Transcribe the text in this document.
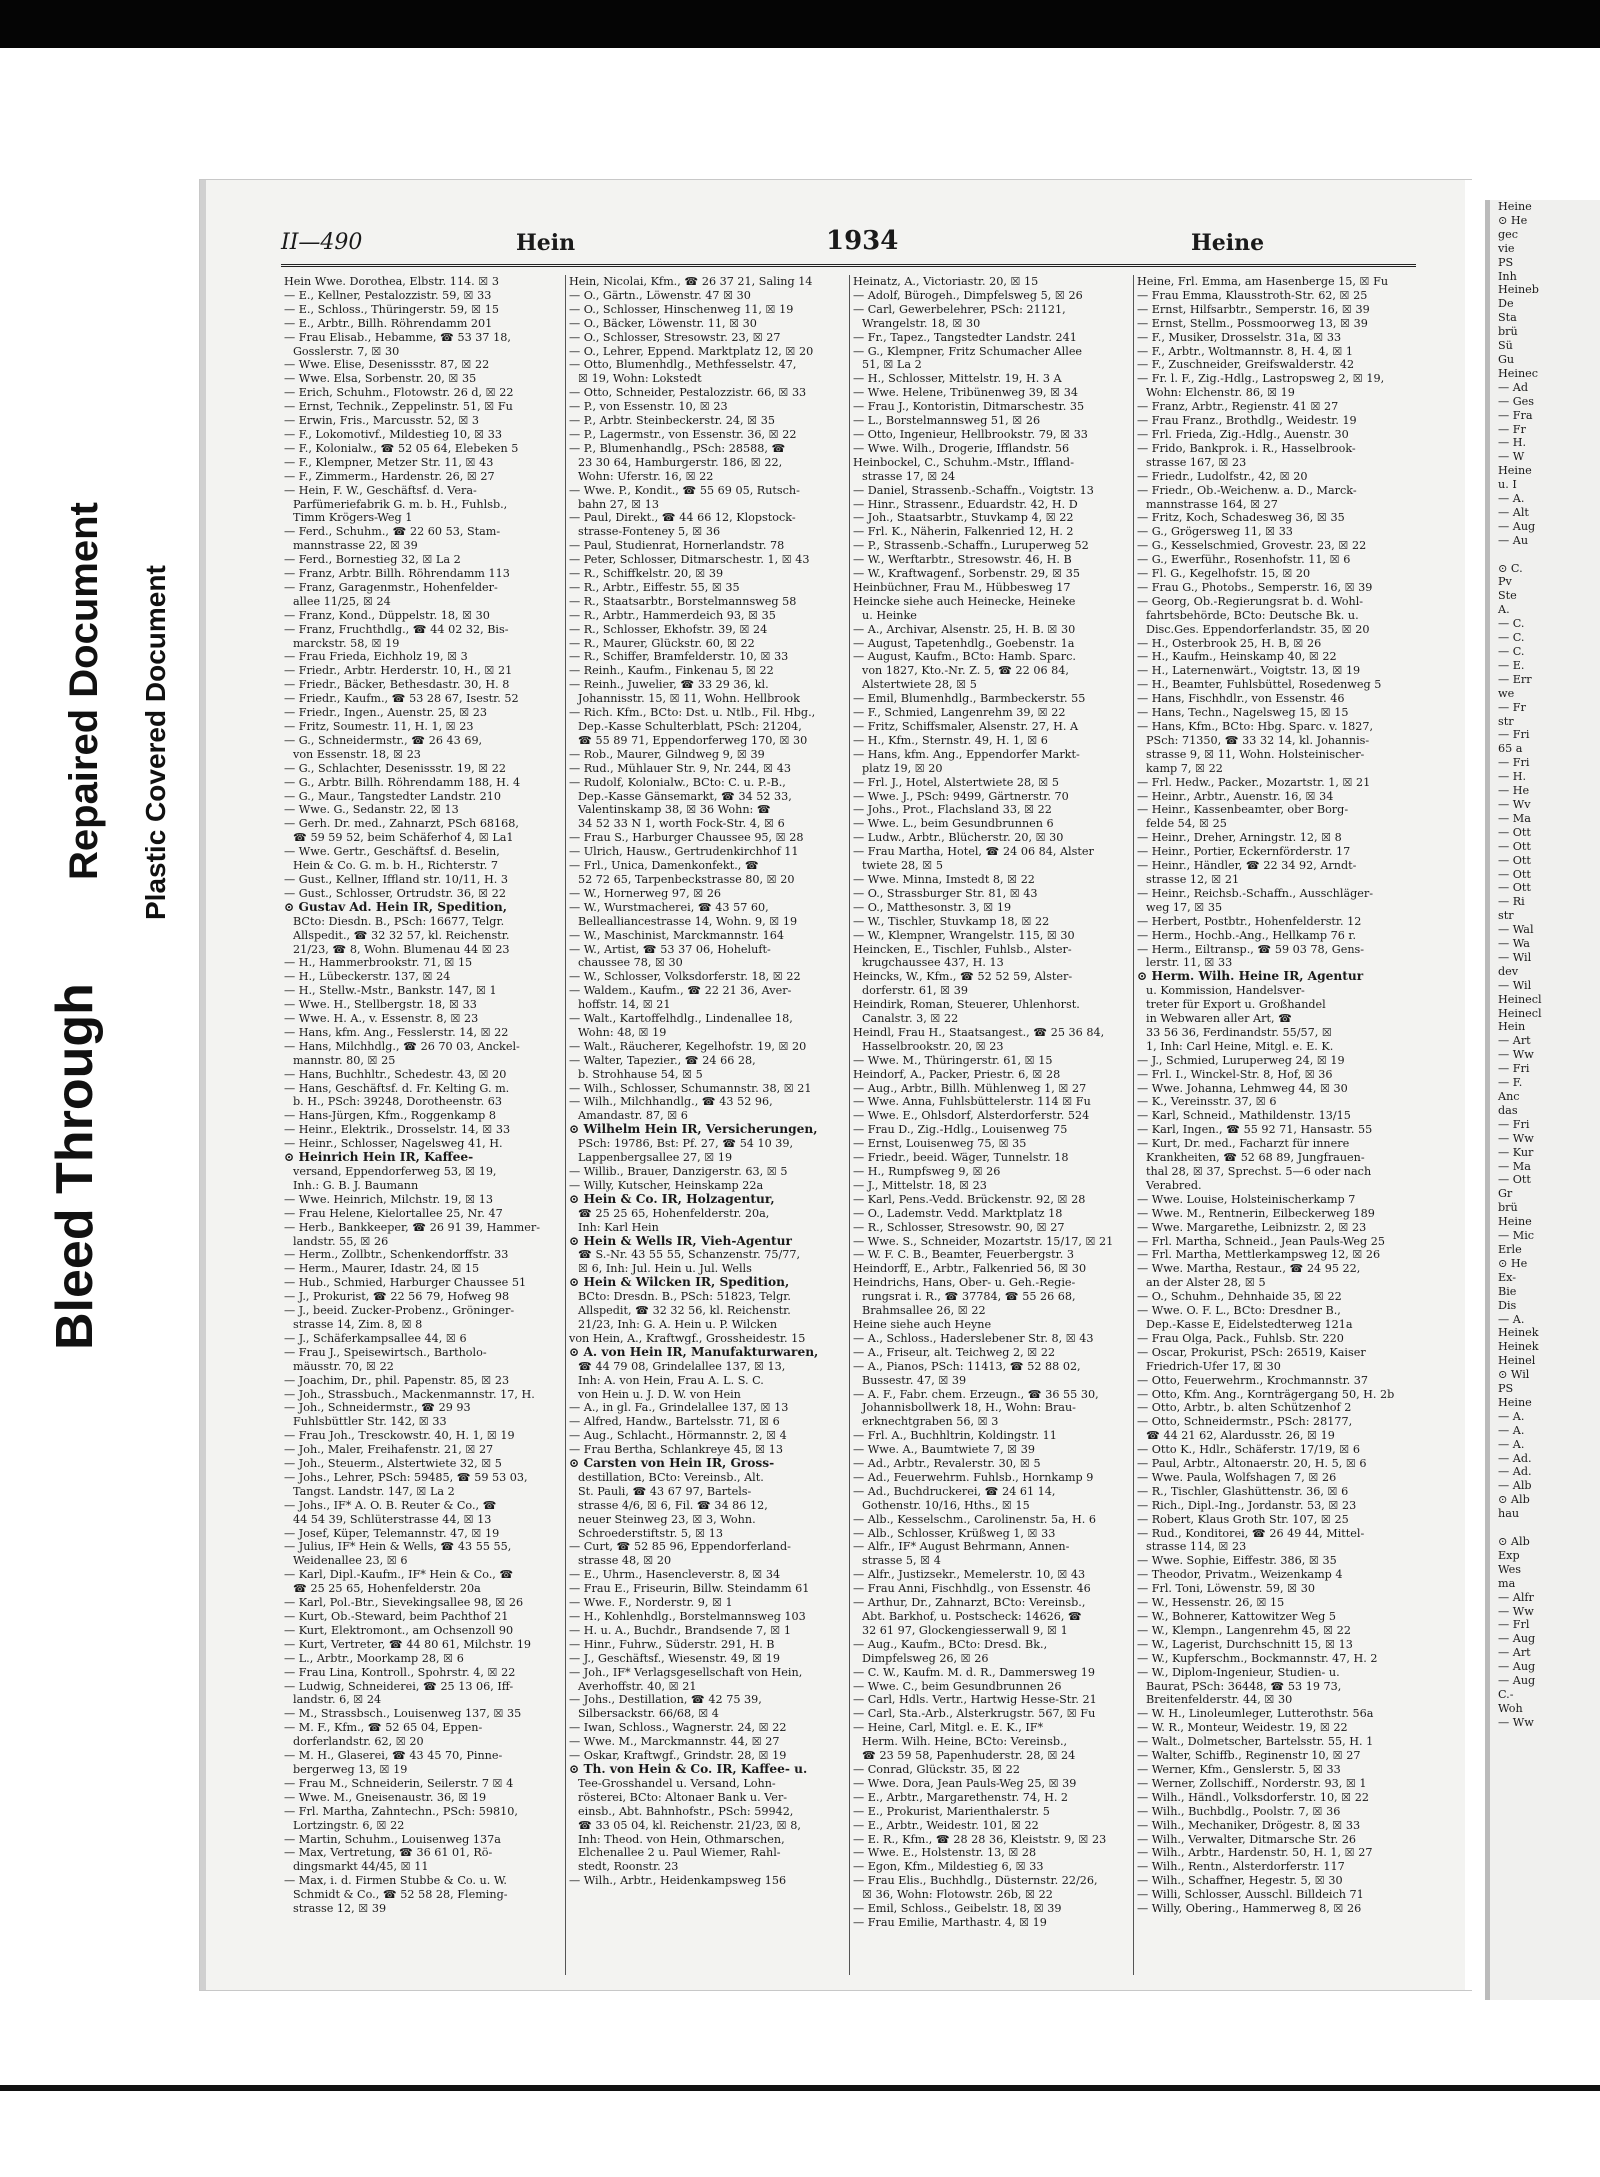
Bleed Through
Repaired Document Plastic Covered Document
II—490	Hein	1934	Heine
Hein Wwe. Dorothea, Elbstr. 114. ☒ 3
— E., Kellner, Pestalozzistr. 59, ☒ 33
— E., Schloss., Thüringerstr. 59, ☒ 15
— E., Arbtr., Billh. Röhrendamm 201
— Frau Elisab., Hebamme, ☎ 53 37 18,
Gosslerstr. 7, ☒ 30
— Wwe. Elise, Desenissstr. 87, ☒ 22
— Wwe. Elsa, Sorbenstr. 20, ☒ 35
— Erich, Schuhm., Flotowstr. 26 d, ☒ 22
— Ernst, Technik., Zeppelinstr. 51, ☒ Fu
— Erwin, Fris., Marcusstr. 52, ☒ 3
— F., Lokomotivf., Mildestieg 10, ☒ 33
— F., Kolonialw., ☎ 52 05 64, Elebeken 5
— F., Klempner, Metzer Str. 11, ☒ 43
— F., Zimmerm., Hardenstr. 26, ☒ 27
— Hein, F. W., Geschäftsf. d. Vera-
Parfümeriefabrik G. m. b. H., Fuhlsb.,
Timm Krögers-Weg 1
— Ferd., Schuhm., ☎ 22 60 53, Stam-
mannstrasse 22, ☒ 39
— Ferd., Bornestieg 32, ☒ La 2
— Franz, Arbtr. Billh. Röhrendamm 113
— Franz, Garagenmstr., Hohenfelder-
allee 11/25, ☒ 24
— Franz, Kond., Düppelstr. 18, ☒ 30
— Franz, Fruchthdlg., ☎ 44 02 32, Bis-
marckstr. 58, ☒ 19
— Frau Frieda, Eichholz 19, ☒ 3
— Friedr., Arbtr. Herderstr. 10, H., ☒ 21
— Friedr., Bäcker, Bethesdastr. 30, H. 8
— Friedr., Kaufm., ☎ 53 28 67, Isestr. 52
— Friedr., Ingen., Auenstr. 25, ☒ 23
— Fritz, Soumestr. 11, H. 1, ☒ 23
— G., Schneidermstr., ☎ 26 43 69,
von Essenstr. 18, ☒ 23
— G., Schlachter, Desenissstr. 19, ☒ 22
— G., Arbtr. Billh. Röhrendamm 188, H. 4
— G., Maur., Tangstedter Landstr. 210
— Wwe. G., Sedanstr. 22, ☒ 13
— Gerh. Dr. med., Zahnarzt, PSch 68168,
☎ 59 59 52, beim Schäferhof 4, ☒ La1
— Wwe. Gertr., Geschäftsf. d. Beselin,
Hein & Co. G. m. b. H., Richterstr. 7
— Gust., Kellner, Iffland str. 10/11, H. 3
— Gust., Schlosser, Ortrudstr. 36, ☒ 22
⊙ Gustav Ad. Hein IR, Spedition,
BCto: Diesdn. B., PSch: 16677, Telgr.
Allspedit., ☎ 32 32 57, kl. Reichenstr.
21/23, ☎ 8, Wohn. Blumenau 44 ☒ 23
— H., Hammerbrookstr. 71, ☒ 15
— H., Lübeckerstr. 137, ☒ 24
— H., Stellw.-Mstr., Bankstr. 147, ☒ 1
— Wwe. H., Stellbergstr. 18, ☒ 33
— Wwe. H. A., v. Essenstr. 8, ☒ 23
— Hans, kfm. Ang., Fesslerstr. 14, ☒ 22
— Hans, Milchhdlg., ☎ 26 70 03, Anckel-
mannstr. 80, ☒ 25
— Hans, Buchhltr., Schedestr. 43, ☒ 20
— Hans, Geschäftsf. d. Fr. Kelting G. m.
b. H., PSch: 39248, Dorotheenstr. 63
— Hans-Jürgen, Kfm., Roggenkamp 8
— Heinr., Elektrik., Drosselstr. 14, ☒ 33
— Heinr., Schlosser, Nagelsweg 41, H.
⊙ Heinrich Hein IR, Kaffee-
versand, Eppendorferweg 53, ☒ 19,
Inh.: G. B. J. Baumann
— Wwe. Heinrich, Milchstr. 19, ☒ 13
— Frau Helene, Kielortallee 25, Nr. 47
— Herb., Bankkeeper, ☎ 26 91 39, Hammer-
landstr. 55, ☒ 26
— Herm., Zollbtr., Schenkendorffstr. 33
— Herm., Maurer, Idastr. 24, ☒ 15
— Hub., Schmied, Harburger Chaussee 51
— J., Prokurist, ☎ 22 56 79, Hofweg 98
— J., beeid. Zucker-Probenz., Gröninger-
strasse 14, Zim. 8, ☒ 8
— J., Schäferkampsallee 44, ☒ 6
— Frau J., Speisewirtsch., Bartholo-
mäusstr. 70, ☒ 22
— Joachim, Dr., phil. Papenstr. 85, ☒ 23
— Joh., Strassbuch., Mackenmannstr. 17, H.
— Joh., Schneidermstr., ☎ 29 93
Fuhlsbüttler Str. 142, ☒ 33
— Frau Joh., Tresckowstr. 40, H. 1, ☒ 19
— Joh., Maler, Freihafenstr. 21, ☒ 27
— Joh., Steuerm., Alstertwiete 32, ☒ 5
— Johs., Lehrer, PSch: 59485, ☎ 59 53 03,
Tangst. Landstr. 147, ☒ La 2
— Johs., IF* A. O. B. Reuter & Co., ☎
44 54 39, Schlüterstrasse 44, ☒ 13
— Josef, Küper, Telemannstr. 47, ☒ 19
— Julius, IF* Hein & Wells, ☎ 43 55 55,
Weidenallee 23, ☒ 6
— Karl, Dipl.-Kaufm., IF* Hein & Co., ☎
☎ 25 25 65, Hohenfelderstr. 20a
— Karl, Pol.-Btr., Sievekingsallee 98, ☒ 26
— Kurt, Ob.-Steward, beim Pachthof 21
— Kurt, Elektromont., am Ochsenzoll 90
— Kurt, Vertreter, ☎ 44 80 61, Milchstr. 19
— L., Arbtr., Moorkamp 28, ☒ 6
— Frau Lina, Kontroll., Spohrstr. 4, ☒ 22
— Ludwig, Schneiderei, ☎ 25 13 06, Iff-
landstr. 6, ☒ 24
— M., Strassbsch., Louisenweg 137, ☒ 35
— M. F., Kfm., ☎ 52 65 04, Eppen-
dorferlandstr. 62, ☒ 20
— M. H., Glaserei, ☎ 43 45 70, Pinne-
bergerweg 13, ☒ 19
— Frau M., Schneiderin, Seilerstr. 7 ☒ 4
— Wwe. M., Gneisenaustr. 36, ☒ 19
— Frl. Martha, Zahntechn., PSch: 59810,
Lortzingstr. 6, ☒ 22
— Martin, Schuhm., Louisenweg 137a
— Max, Vertretung, ☎ 36 61 01, Rö-
dingsmarkt 44/45, ☒ 11
— Max, i. d. Firmen Stubbe & Co. u. W.
Schmidt & Co., ☎ 52 58 28, Fleming-
strasse 12, ☒ 39
Hein, Nicolai, Kfm., ☎ 26 37 21, Saling 14
— O., Gärtn., Löwenstr. 47 ☒ 30
— O., Schlosser, Hinschenweg 11, ☒ 19
— O., Bäcker, Löwenstr. 11, ☒ 30
— O., Schlosser, Stresowstr. 23, ☒ 27
— O., Lehrer, Eppend. Marktplatz 12, ☒ 20
— Otto, Blumenhdlg., Methfesselstr. 47,
☒ 19, Wohn: Lokstedt
— Otto, Schneider, Pestalozzistr. 66, ☒ 33
— P., von Essenstr. 10, ☒ 23
— P., Arbtr. Steinbeckerstr. 24, ☒ 35
— P., Lagermstr., von Essenstr. 36, ☒ 22
— P., Blumenhandlg., PSch: 28588, ☎
23 30 64, Hamburgerstr. 186, ☒ 22,
Wohn: Uferstr. 16, ☒ 22
— Wwe. P., Kondit., ☎ 55 69 05, Rutsch-
bahn 27, ☒ 13
— Paul, Direkt., ☎ 44 66 12, Klopstock-
strasse-Fonteney 5, ☒ 36
— Paul, Studienrat, Hornerlandstr. 78
— Peter, Schlosser, Ditmarschestr. 1, ☒ 43
— R., Schiffkelstr. 20, ☒ 39
— R., Arbtr., Eiffestr. 55, ☒ 35
— R., Staatsarbtr., Borstelmannsweg 58
— R., Arbtr., Hammerdeich 93, ☒ 35
— R., Schlosser, Ekhofstr. 39, ☒ 24
— R., Maurer, Glückstr. 60, ☒ 22
— R., Schiffer, Bramfelderstr. 10, ☒ 33
— Reinh., Kaufm., Finkenau 5, ☒ 22
— Reinh., Juwelier, ☎ 33 29 36, kl.
Johannisstr. 15, ☒ 11, Wohn. Hellbrook
— Rich. Kfm., BCto: Dst. u. Ntlb., Fil. Hbg.,
Dep.-Kasse Schulterblatt, PSch: 21204,
☎ 55 89 71, Eppendorferweg 170, ☒ 30
— Rob., Maurer, Gilndweg 9, ☒ 39
— Rud., Mühlauer Str. 9, Nr. 244, ☒ 43
— Rudolf, Kolonialw., BCto: C. u. P.-B.,
Dep.-Kasse Gänsemarkt, ☎ 34 52 33,
Valentinskamp 38, ☒ 36 Wohn: ☎
34 52 33 N 1, worth Fock-Str. 4, ☒ 6
— Frau S., Harburger Chaussee 95, ☒ 28
— Ulrich, Hausw., Gertrudenkirchhof 11
— Frl., Unica, Damenkonfekt., ☎
52 72 65, Tarpenbeckstrasse 80, ☒ 20
— W., Hornerweg 97, ☒ 26
— W., Wurstmacherei, ☎ 43 57 60,
Bellealliancestrasse 14, Wohn. 9, ☒ 19
— W., Maschinist, Marckmannstr. 164
— W., Artist, ☎ 53 37 06, Hoheluft-
chaussee 78, ☒ 30
— W., Schlosser, Volksdorferstr. 18, ☒ 22
— Waldem., Kaufm., ☎ 22 21 36, Aver-
hoffstr. 14, ☒ 21
— Walt., Kartoffelhdlg., Lindenallee 18,
Wohn: 48, ☒ 19
— Walt., Räucherer, Kegelhofstr. 19, ☒ 20
— Walter, Tapezier., ☎ 24 66 28,
b. Strohhause 54, ☒ 5
— Wilh., Schlosser, Schumannstr. 38, ☒ 21
— Wilh., Milchhandlg., ☎ 43 52 96,
Amandastr. 87, ☒ 6
⊙ Wilhelm Hein IR, Versicherungen,
PSch: 19786, Bst: Pf. 27, ☎ 54 10 39,
Lappenbergsallee 27, ☒ 19
— Willib., Brauer, Danzigerstr. 63, ☒ 5
— Willy, Kutscher, Heinskamp 22a
⊙ Hein & Co. IR, Holzagentur,
☎ 25 25 65, Hohenfelderstr. 20a,
Inh: Karl Hein
⊙ Hein & Wells IR, Vieh-Agentur
☎ S.-Nr. 43 55 55, Schanzenstr. 75/77,
☒ 6, Inh: Jul. Hein u. Jul. Wells
⊙ Hein & Wilcken IR, Spedition,
BCto: Dresdn. B., PSch: 51823, Telgr.
Allspedit, ☎ 32 32 56, kl. Reichenstr.
21/23, Inh: G. A. Hein u. P. Wilcken
von Hein, A., Kraftwgf., Grossheidestr. 15
⊙ A. von Hein IR, Manufakturwaren,
☎ 44 79 08, Grindelallee 137, ☒ 13,
Inh: A. von Hein, Frau A. L. S. C.
von Hein u. J. D. W. von Hein
— A., in gl. Fa., Grindelallee 137, ☒ 13
— Alfred, Handw., Bartelsstr. 71, ☒ 6
— Aug., Schlacht., Hörmannstr. 2, ☒ 4
— Frau Bertha, Schlankreye 45, ☒ 13
⊙ Carsten von Hein IR, Gross-
destillation, BCto: Vereinsb., Alt.
St. Pauli, ☎ 43 67 97, Bartels-
strasse 4/6, ☒ 6, Fil. ☎ 34 86 12,
neuer Steinweg 23, ☒ 3, Wohn.
Schroederstiftstr. 5, ☒ 13
— Curt, ☎ 52 85 96, Eppendorferland-
strasse 48, ☒ 20
— E., Uhrm., Hasencleverstr. 8, ☒ 34
— Frau E., Friseurin, Billw. Steindamm 61
— Wwe. F., Norderstr. 9, ☒ 1
— H., Kohlenhdlg., Borstelmannsweg 103
— H. u. A., Buchdr., Brandsende 7, ☒ 1
— Hinr., Fuhrw., Süderstr. 291, H. B
— J., Geschäftsf., Wiesenstr. 49, ☒ 19
— Joh., IF* Verlagsgesellschaft von Hein,
Averhoffstr. 40, ☒ 21
— Johs., Destillation, ☎ 42 75 39,
Silbersackstr. 66/68, ☒ 4
— Iwan, Schloss., Wagnerstr. 24, ☒ 22
— Wwe. M., Marckmannstr. 44, ☒ 27
— Oskar, Kraftwgf., Grindstr. 28, ☒ 19
⊙ Th. von Hein & Co. IR, Kaffee- u.
Tee-Grosshandel u. Versand, Lohn-
rösterei, BCto: Altonaer Bank u. Ver-
einsb., Abt. Bahnhofstr., PSch: 59942,
☎ 33 05 04, kl. Reichenstr. 21/23, ☒ 8,
Inh: Theod. von Hein, Othmarschen,
Elchenallee 2 u. Paul Wiemer, Rahl-
stedt, Roonstr. 23
— Wilh., Arbtr., Heidenkampsweg 156
Heinatz, A., Victoriastr. 20, ☒ 15
— Adolf, Bürogeh., Dimpfelsweg 5, ☒ 26
— Carl, Gewerbelehrer, PSch: 21121,
Wrangelstr. 18, ☒ 30
— Fr., Tapez., Tangstedter Landstr. 241
— G., Klempner, Fritz Schumacher Allee
51, ☒ La 2
— H., Schlosser, Mittelstr. 19, H. 3 A
— Wwe. Helene, Tribünenweg 39, ☒ 34
— Frau J., Kontoristin, Ditmarschestr. 35
— L., Borstelmannsweg 51, ☒ 26
— Otto, Ingenieur, Hellbrookstr. 79, ☒ 33
— Wwe. Wilh., Drogerie, Ifflandstr. 56
Heinbockel, C., Schuhm.-Mstr., Iffland-
strasse 17, ☒ 24
— Daniel, Strassenb.-Schaffn., Voigtstr. 13
— Hinr., Strassenr., Eduardstr. 42, H. D
— Joh., Staatsarbtr., Stuvkamp 4, ☒ 22
— Frl. K., Näherin, Falkenried 12, H. 2
— P., Strassenb.-Schaffn., Luruperweg 52
— W., Werftarbtr., Stresowstr. 46, H. B
— W., Kraftwagenf., Sorbenstr. 29, ☒ 35
Heinbüchner, Frau M., Hübbesweg 17
Heincke siehe auch Heinecke, Heineke
u. Heinke
— A., Archivar, Alsenstr. 25, H. B. ☒ 30
— August, Tapetenhdlg., Goebenstr. 1a
— August, Kaufm., BCto: Hamb. Sparc.
von 1827, Kto.-Nr. Z. 5, ☎ 22 06 84,
Alstertwiete 28, ☒ 5
— Emil, Blumenhdlg., Barmbeckerstr. 55
— F., Schmied, Langenrehm 39, ☒ 22
— Fritz, Schiffsmaler, Alsenstr. 27, H. A
— H., Kfm., Sternstr. 49, H. 1, ☒ 6
— Hans, kfm. Ang., Eppendorfer Markt-
platz 19, ☒ 20
— Frl. J., Hotel, Alstertwiete 28, ☒ 5
— Wwe. J., PSch: 9499, Gärtnerstr. 70
— Johs., Prot., Flachsland 33, ☒ 22
— Wwe. L., beim Gesundbrunnen 6
— Ludw., Arbtr., Blücherstr. 20, ☒ 30
— Frau Martha, Hotel, ☎ 24 06 84, Alster
twiete 28, ☒ 5
— Wwe. Minna, Imstedt 8, ☒ 22
— O., Strassburger Str. 81, ☒ 43
— O., Matthesonstr. 3, ☒ 19
— W., Tischler, Stuvkamp 18, ☒ 22
— W., Klempner, Wrangelstr. 115, ☒ 30
Heincken, E., Tischler, Fuhlsb., Alster-
krugchaussee 437, H. 13
Heincks, W., Kfm., ☎ 52 52 59, Alster-
dorferstr. 61, ☒ 39
Heindirk, Roman, Steuerer, Uhlenhorst.
Canalstr. 3, ☒ 22
Heindl, Frau H., Staatsangest., ☎ 25 36 84,
Hasselbrookstr. 20, ☒ 23
— Wwe. M., Thüringerstr. 61, ☒ 15
Heindorf, A., Packer, Priestr. 6, ☒ 28
— Aug., Arbtr., Billh. Mühlenweg 1, ☒ 27
— Wwe. Anna, Fuhlsbüttelerstr. 114 ☒ Fu
— Wwe. E., Ohlsdorf, Alsterdorferstr. 524
— Frau D., Zig.-Hdlg., Louisenweg 75
— Ernst, Louisenweg 75, ☒ 35
— Friedr., beeid. Wäger, Tunnelstr. 18
— H., Rumpfsweg 9, ☒ 26
— J., Mittelstr. 18, ☒ 23
— Karl, Pens.-Vedd. Brückenstr. 92, ☒ 28
— O., Lademstr. Vedd. Marktplatz 18
— R., Schlosser, Stresowstr. 90, ☒ 27
— Wwe. S., Schneider, Mozartstr. 15/17, ☒ 21
— W. F. C. B., Beamter, Feuerbergstr. 3
Heindorff, E., Arbtr., Falkenried 56, ☒ 30
Heindrichs, Hans, Ober- u. Geh.-Regie-
rungsrat i. R., ☎ 37784, ☎ 55 26 68,
Brahmsallee 26, ☒ 22
Heine siehe auch Heyne
— A., Schloss., Haderslebener Str. 8, ☒ 43
— A., Friseur, alt. Teichweg 2, ☒ 22
— A., Pianos, PSch: 11413, ☎ 52 88 02,
Bussestr. 47, ☒ 39
— A. F., Fabr. chem. Erzeugn., ☎ 36 55 30,
Johannisbollwerk 18, H., Wohn: Brau-
erknechtgraben 56, ☒ 3
— Frl. A., Buchhltrin, Koldingstr. 11
— Wwe. A., Baumtwiete 7, ☒ 39
— Ad., Arbtr., Revalerstr. 30, ☒ 5
— Ad., Feuerwehrm. Fuhlsb., Hornkamp 9
— Ad., Buchdruckerei, ☎ 24 61 14,
Gothenstr. 10/16, Hths., ☒ 15
— Alb., Kesselschm., Carolinenstr. 5a, H. 6
— Alb., Schlosser, Krüßweg 1, ☒ 33
— Alfr., IF* August Behrmann, Annen-
strasse 5, ☒ 4
— Alfr., Justizsekr., Memelerstr. 10, ☒ 43
— Frau Anni, Fischhdlg., von Essenstr. 46
— Arthur, Dr., Zahnarzt, BCto: Vereinsb.,
Abt. Barkhof, u. Postscheck: 14626, ☎
32 61 97, Glockengiesserwall 9, ☒ 1
— Aug., Kaufm., BCto: Dresd. Bk.,
Dimpfelsweg 26, ☒ 26
— C. W., Kaufm. M. d. R., Dammersweg 19
— Wwe. C., beim Gesundbrunnen 26
— Carl, Hdls. Vertr., Hartwig Hesse-Str. 21
— Carl, Sta.-Arb., Alsterkrugstr. 567, ☒ Fu
— Heine, Carl, Mitgl. e. E. K., IF*
Herm. Wilh. Heine, BCto: Vereinsb.,
☎ 23 59 58, Papenhuderstr. 28, ☒ 24
— Conrad, Glückstr. 35, ☒ 22
— Wwe. Dora, Jean Pauls-Weg 25, ☒ 39
— E., Arbtr., Margarethenstr. 74, H. 2
— E., Prokurist, Marienthalerstr. 5
— E., Arbtr., Weidestr. 101, ☒ 22
— E. R., Kfm., ☎ 28 28 36, Kleiststr. 9, ☒ 23
— Wwe. E., Holstenstr. 13, ☒ 28
— Egon, Kfm., Mildestieg 6, ☒ 33
— Frau Elis., Buchhdlg., Düsternstr. 22/26,
☒ 36, Wohn: Flotowstr. 26b, ☒ 22
— Emil, Schloss., Geibelstr. 18, ☒ 39
— Frau Emilie, Marthastr. 4, ☒ 19
Heine, Frl. Emma, am Hasenberge 15, ☒ Fu
— Frau Emma, Klausstroth-Str. 62, ☒ 25
— Ernst, Hilfsarbtr., Semperstr. 16, ☒ 39
— Ernst, Stellm., Possmoorweg 13, ☒ 39
— F., Musiker, Drosselstr. 31a, ☒ 33
— F., Arbtr., Woltmannstr. 8, H. 4, ☒ 1
— F., Zuschneider, Greifswalderstr. 42
— Fr. l. F., Zig.-Hdlg., Lastropsweg 2, ☒ 19,
Wohn: Elchenstr. 86, ☒ 19
— Franz, Arbtr., Regienstr. 41 ☒ 27
— Frau Franz., Brothdlg., Weidestr. 19
— Frl. Frieda, Zig.-Hdlg., Auenstr. 30
— Frido, Bankprok. i. R., Hasselbrook-
strasse 167, ☒ 23
— Friedr., Ludolfstr., 42, ☒ 20
— Friedr., Ob.-Weichenw. a. D., Marck-
mannstrasse 164, ☒ 27
— Fritz, Koch, Schadesweg 36, ☒ 35
— G., Grögersweg 11, ☒ 33
— G., Kesselschmied, Grovestr. 23, ☒ 22
— G., Ewerführ., Rosenhofstr. 11, ☒ 6
— Fl. G., Kegelhofstr. 15, ☒ 20
— Frau G., Photobs., Semperstr. 16, ☒ 39
— Georg, Ob.-Regierungsrat b. d. Wohl-
fahrtsbehörde, BCto: Deutsche Bk. u.
Disc.Ges. Eppendorferlandstr. 35, ☒ 20
— H., Osterbrook 25, H. B, ☒ 26
— H., Kaufm., Heinskamp 40, ☒ 22
— H., Laternenwärt., Voigtstr. 13, ☒ 19
— H., Beamter, Fuhlsbüttel, Rosedenweg 5
— Hans, Fischhdlr., von Essenstr. 46
— Hans, Techn., Nagelsweg 15, ☒ 15
— Hans, Kfm., BCto: Hbg. Sparc. v. 1827,
PSch: 71350, ☎ 33 32 14, kl. Johannis-
strasse 9, ☒ 11, Wohn. Holsteinischer-
kamp 7, ☒ 22
— Frl. Hedw., Packer., Mozartstr. 1, ☒ 21
— Heinr., Arbtr., Auenstr. 16, ☒ 34
— Heinr., Kassenbeamter, ober Borg-
felde 54, ☒ 25
— Heinr., Dreher, Arningstr. 12, ☒ 8
— Heinr., Portier, Eckernförderstr. 17
— Heinr., Händler, ☎ 22 34 92, Arndt-
strasse 12, ☒ 21
— Heinr., Reichsb.-Schaffn., Ausschläger-
weg 17, ☒ 35
— Herbert, Postbtr., Hohenfelderstr. 12
— Herm., Hochb.-Ang., Hellkamp 76 r.
— Herm., Eiltransp., ☎ 59 03 78, Gens-
lerstr. 11, ☒ 33
⊙ Herm. Wilh. Heine IR, Agentur
u. Kommission, Handelsver-
treter für Export u. Großhandel
in Webwaren aller Art, ☎
33 56 36, Ferdinandstr. 55/57, ☒
1, Inh: Carl Heine, Mitgl. e. E. K.
— J., Schmied, Luruperweg 24, ☒ 19
— Frl. I., Winckel-Str. 8, Hof, ☒ 36
— Wwe. Johanna, Lehmweg 44, ☒ 30
— K., Vereinsstr. 37, ☒ 6
— Karl, Schneid., Mathildenstr. 13/15
— Karl, Ingen., ☎ 55 92 71, Hansastr. 55
— Kurt, Dr. med., Facharzt für innere
Krankheiten, ☎ 52 68 89, Jungfrauen-
thal 28, ☒ 37, Sprechst. 5—6 oder nach
Verabred.
— Wwe. Louise, Holsteinischerkamp 7
— Wwe. M., Rentnerin, Eilbeckerweg 189
— Wwe. Margarethe, Leibnizstr. 2, ☒ 23
— Frl. Martha, Schneid., Jean Pauls-Weg 25
— Frl. Martha, Mettlerkampsweg 12, ☒ 26
— Wwe. Martha, Restaur., ☎ 24 95 22,
an der Alster 28, ☒ 5
— O., Schuhm., Dehnhaide 35, ☒ 22
— Wwe. O. F. L., BCto: Dresdner B.,
Dep.-Kasse E, Eidelstedterweg 121a
— Frau Olga, Pack., Fuhlsb. Str. 220
— Oscar, Prokurist, PSch: 26519, Kaiser
Friedrich-Ufer 17, ☒ 30
— Otto, Feuerwehrm., Krochmannstr. 37
— Otto, Kfm. Ang., Kornträgergang 50, H. 2b
— Otto, Arbtr., b. alten Schützenhof 2
— Otto, Schneidermstr., PSch: 28177,
☎ 44 21 62, Alardusstr. 26, ☒ 19
— Otto K., Hdlr., Schäferstr. 17/19, ☒ 6
— Paul, Arbtr., Altonaerstr. 20, H. 5, ☒ 6
— Wwe. Paula, Wolfshagen 7, ☒ 26
— R., Tischler, Glashüttenstr. 36, ☒ 6
— Rich., Dipl.-Ing., Jordanstr. 53, ☒ 23
— Robert, Klaus Groth Str. 107, ☒ 25
— Rud., Konditorei, ☎ 26 49 44, Mittel-
strasse 114, ☒ 23
— Wwe. Sophie, Eiffestr. 386, ☒ 35
— Theodor, Privatm., Weizenkamp 4
— Frl. Toni, Löwenstr. 59, ☒ 30
— W., Hessenstr. 26, ☒ 15
— W., Bohnerer, Kattowitzer Weg 5
— W., Klempn., Langenrehm 45, ☒ 22
— W., Lagerist, Durchschnitt 15, ☒ 13
— W., Kupferschm., Bockmannstr. 47, H. 2
— W., Diplom-Ingenieur, Studien- u.
Baurat, PSch: 36448, ☎ 53 19 73,
Breitenfelderstr. 44, ☒ 30
— W. H., Linoleumleger, Lutterothstr. 56a
— W. R., Monteur, Weidestr. 19, ☒ 22
— Walt., Dolmetscher, Bartelsstr. 55, H. 1
— Walter, Schiffb., Reginenstr 10, ☒ 27
— Werner, Kfm., Genslerstr. 5, ☒ 33
— Werner, Zollschiff., Norderstr. 93, ☒ 1
— Wilh., Händl., Volksdorferstr. 10, ☒ 22
— Wilh., Buchbdlg., Poolstr. 7, ☒ 36
— Wilh., Mechaniker, Drögestr. 8, ☒ 33
— Wilh., Verwalter, Ditmarsche Str. 26
— Wilh., Arbtr., Hardenstr. 50, H. 1, ☒ 27
— Wilh., Rentn., Alsterdorferstr. 117
— Wilh., Schaffner, Hegestr. 5, ☒ 30
— Willi, Schlosser, Ausschl. Billdeich 71
— Willy, Obering., Hammerweg 8, ☒ 26
Heine
⊙ He
gec
vie
PS
Inh
Heineb
De
Sta
brü
Sü
Gu
Heinec
— Ad
— Ges
— Fra
— Fr
— H.
— W
Heine
u. I
— A.
— Alt
— Aug
— Au

⊙ C.
Pv
Ste
A.
— C.
— C.
— C.
— E.
— Err
we
— Fr
str
— Fri
65 a
— Fri
— H.
— He
— Wv
— Ma
— Ott
— Ott
— Ott
— Ott
— Ott
— Ri
str
— Wal
— Wa
— Wil
dev
— Wil
Heinecl
Heinecl
Hein
— Art
— Ww
— Fri
— F.
Anc
das
— Fri
— Ww
— Kur
— Ma
— Ott
Gr
brü
Heine
— Mic
Erle
⊙ He
Ex-
Bie
Dis
— A.
Heinek
Heinek
Heinel
⊙ Wil
PS
Heine
— A.
— A.
— A.
— Ad.
— Ad.
— Alb
⊙ Alb
hau

⊙ Alb
Exp
Wes
ma
— Alfr
— Ww
— Frl
— Aug
— Art
— Aug
— Aug
C.-
Woh
— Ww
